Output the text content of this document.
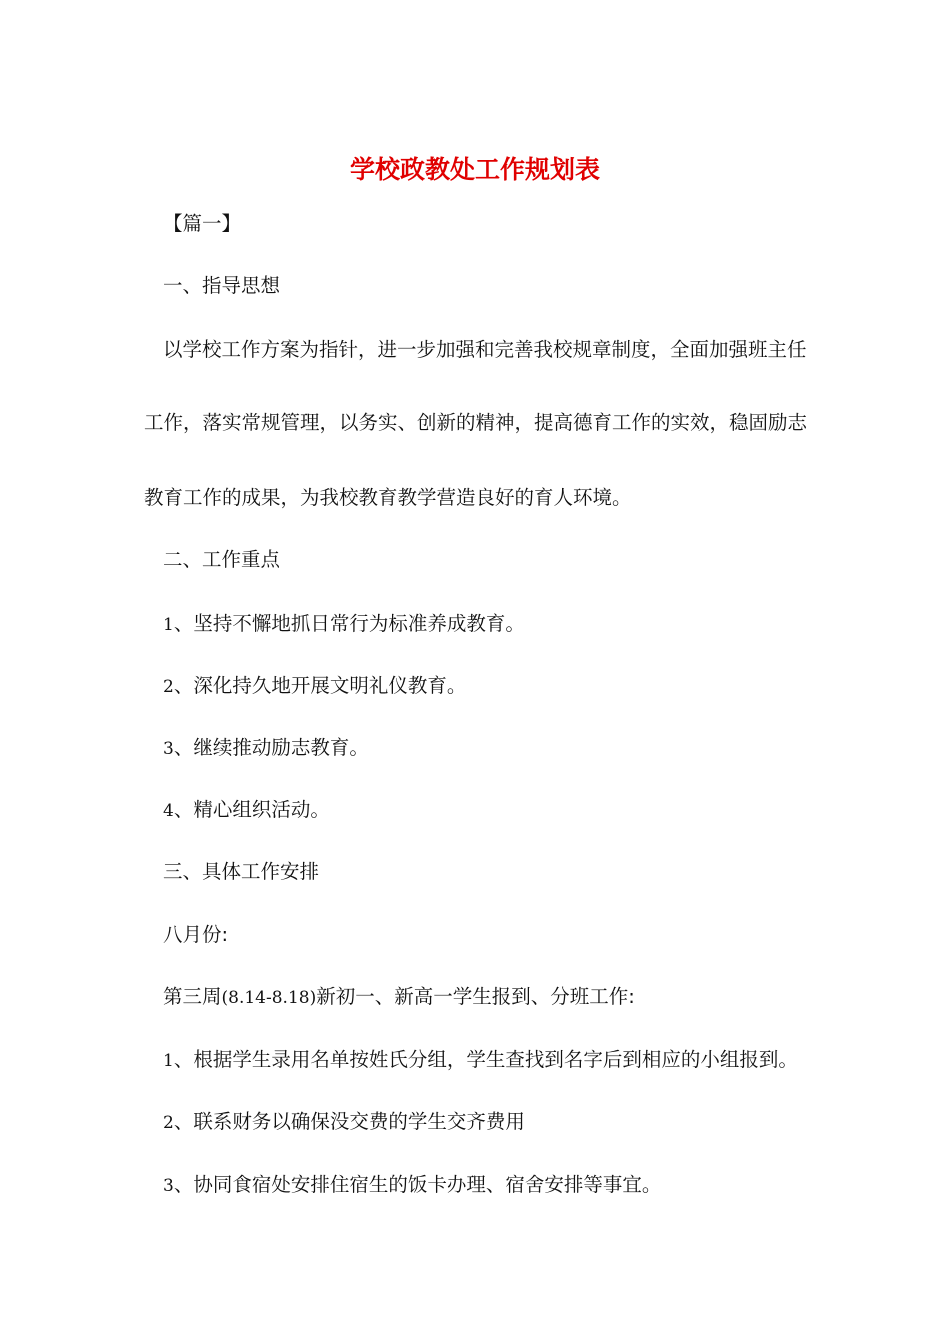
学校政教处工作规划表
【篇一】
一、指导思想
以学校工作方案为指针，进一步加强和完善我校规章制度，全面加强班主任
工作，落实常规管理，以务实、创新的精神，提高德育工作的实效，稳固励志
教育工作的成果，为我校教育教学营造良好的育人环境。
二、工作重点
1、坚持不懈地抓日常行为标准养成教育。
2、深化持久地开展文明礼仪教育。
3、继续推动励志教育。
4、精心组织活动。
三、具体工作安排
八月份:
第三周(8.14-8.18)新初一、新高一学生报到、分班工作:
1、根据学生录用名单按姓氏分组，学生查找到名字后到相应的小组报到。
2、联系财务以确保没交费的学生交齐费用
3、协同食宿处安排住宿生的饭卡办理、宿舍安排等事宜。
